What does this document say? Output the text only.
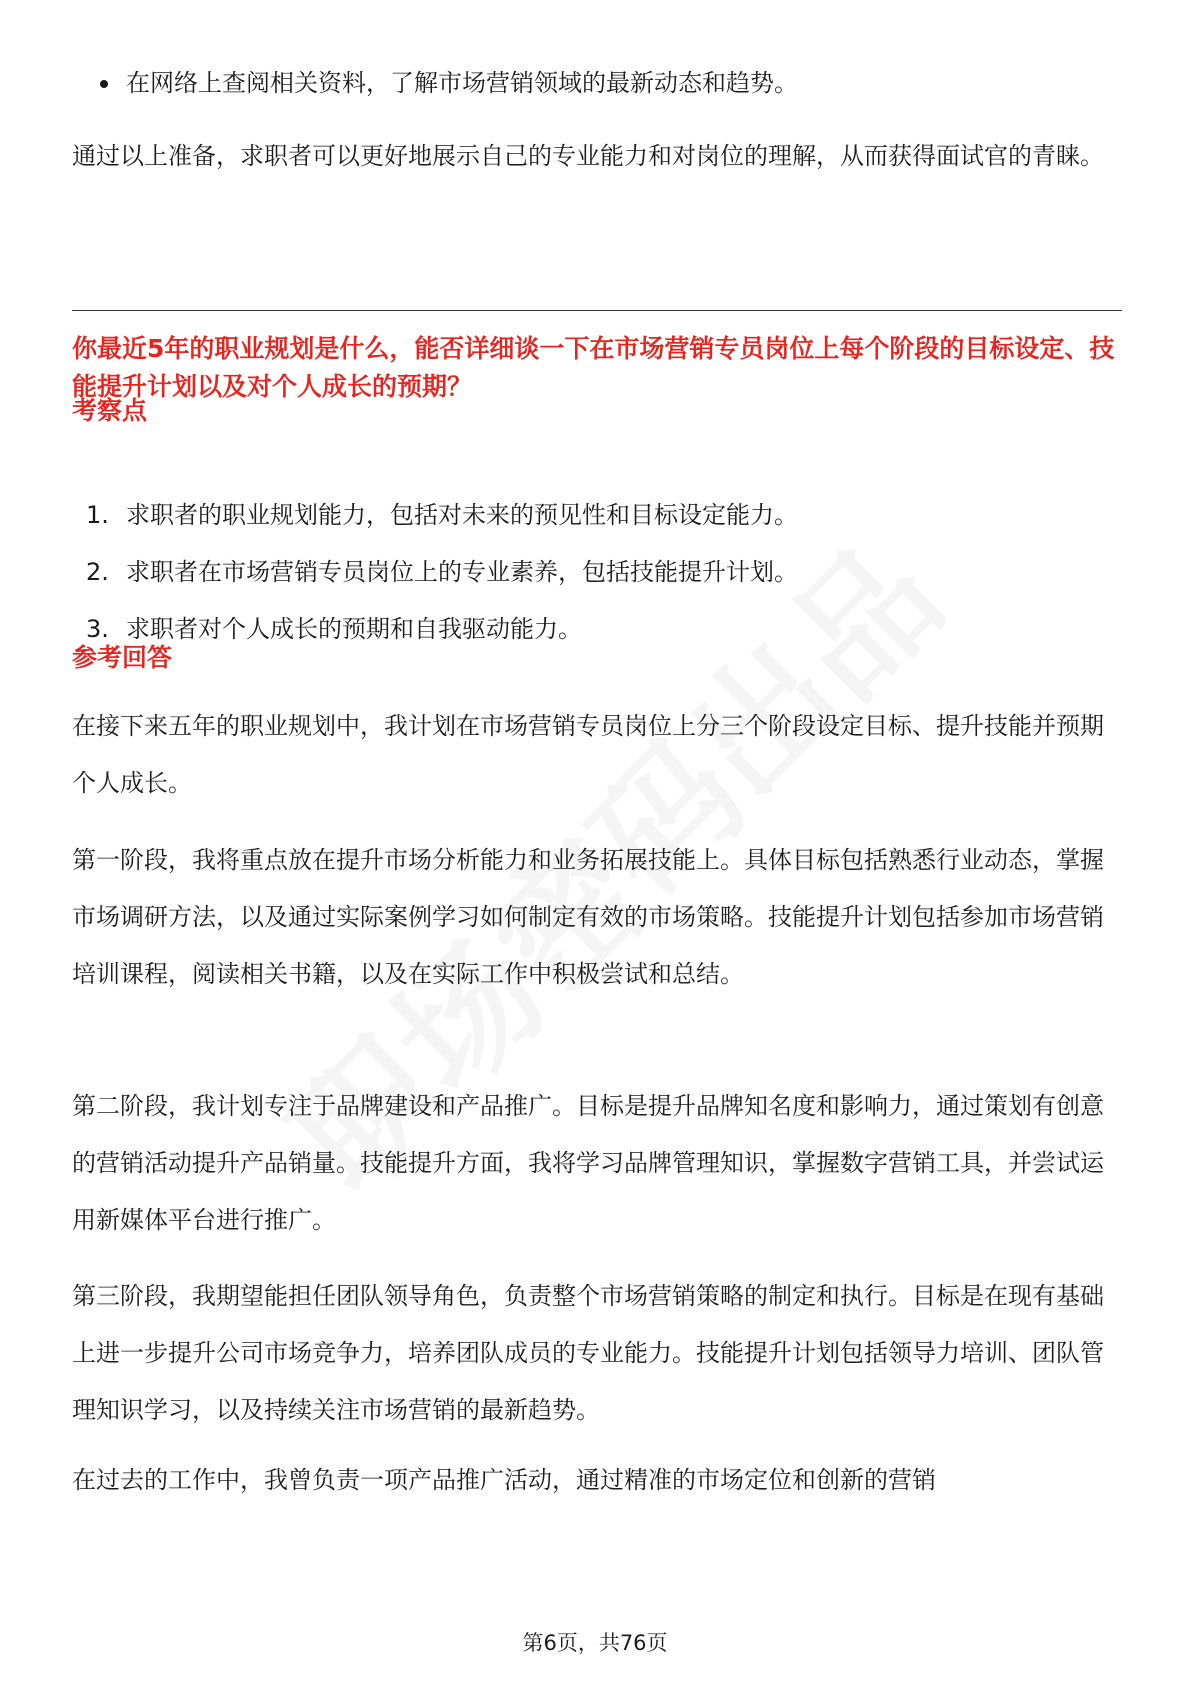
在网络上查阅相关资料，了解市场营销领域的最新动态和趋势。

通过以上准备，求职者可以更好地展示自己的专业能力和对岗位的理解，从而获得面试官的青睐。

你最近5年的职业规划是什么，能否详细谈一下在市场营销专员岗位上每个阶段的目标设定、技能提升计划以及对个人成长的预期？

考察点

1. 求职者的职业规划能力，包括对未来的预见性和目标设定能力。
2. 求职者在市场营销专员岗位上的专业素养，包括技能提升计划。
3. 求职者对个人成长的预期和自我驱动能力。

参考回答

在接下来五年的职业规划中，我计划在市场营销专员岗位上分三个阶段设定目标、提升技能并预期个人成长。

第一阶段，我将重点放在提升市场分析能力和业务拓展技能上。具体目标包括熟悉行业动态，掌握市场调研方法，以及通过实际案例学习如何制定有效的市场策略。技能提升计划包括参加市场营销培训课程，阅读相关书籍，以及在实际工作中积极尝试和总结。

第二阶段，我计划专注于品牌建设和产品推广。目标是提升品牌知名度和影响力，通过策划有创意的营销活动提升产品销量。技能提升方面，我将学习品牌管理知识，掌握数字营销工具，并尝试运用新媒体平台进行推广。

第三阶段，我期望能担任团队领导角色，负责整个市场营销策略的制定和执行。目标是在现有基础上进一步提升公司市场竞争力，培养团队成员的专业能力。技能提升计划包括领导力培训、团队管理知识学习，以及持续关注市场营销的最新趋势。

在过去的工作中，我曾负责一项产品推广活动，通过精准的市场定位和创新的营销

第6页，共76页
